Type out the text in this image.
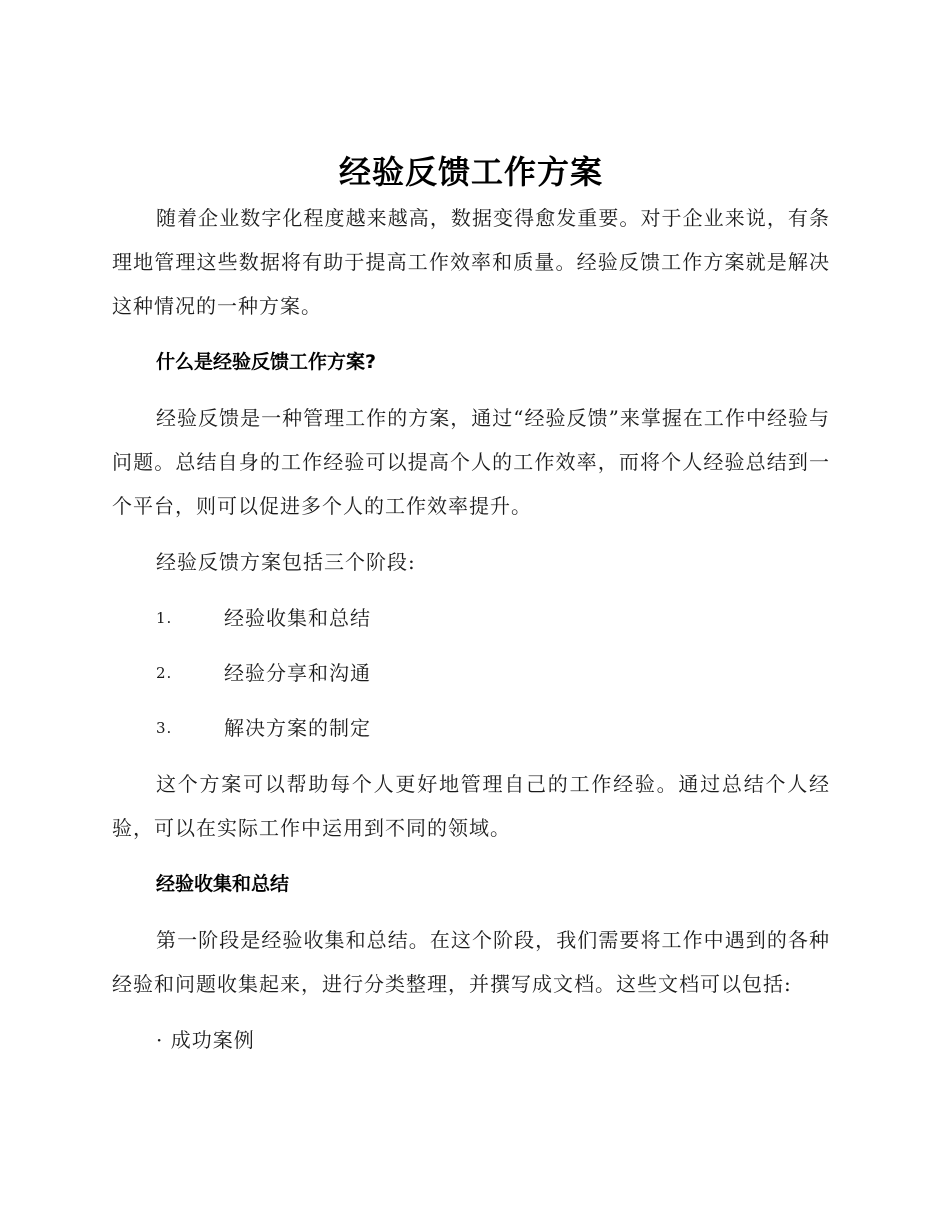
经验反馈工作方案

随着企业数字化程度越来越高，数据变得愈发重要。对于企业来说，有条理地管理这些数据将有助于提高工作效率和质量。经验反馈工作方案就是解决这种情况的一种方案。

什么是经验反馈工作方案?

经验反馈是一种管理工作的方案，通过“经验反馈”来掌握在工作中经验与问题。总结自身的工作经验可以提高个人的工作效率，而将个人经验总结到一个平台，则可以促进多个人的工作效率提升。

经验反馈方案包括三个阶段:

1.	经验收集和总结
2.	经验分享和沟通
3.	解决方案的制定

这个方案可以帮助每个人更好地管理自己的工作经验。通过总结个人经验，可以在实际工作中运用到不同的领域。

经验收集和总结

第一阶段是经验收集和总结。在这个阶段，我们需要将工作中遇到的各种经验和问题收集起来，进行分类整理，并撰写成文档。这些文档可以包括:

· 成功案例
